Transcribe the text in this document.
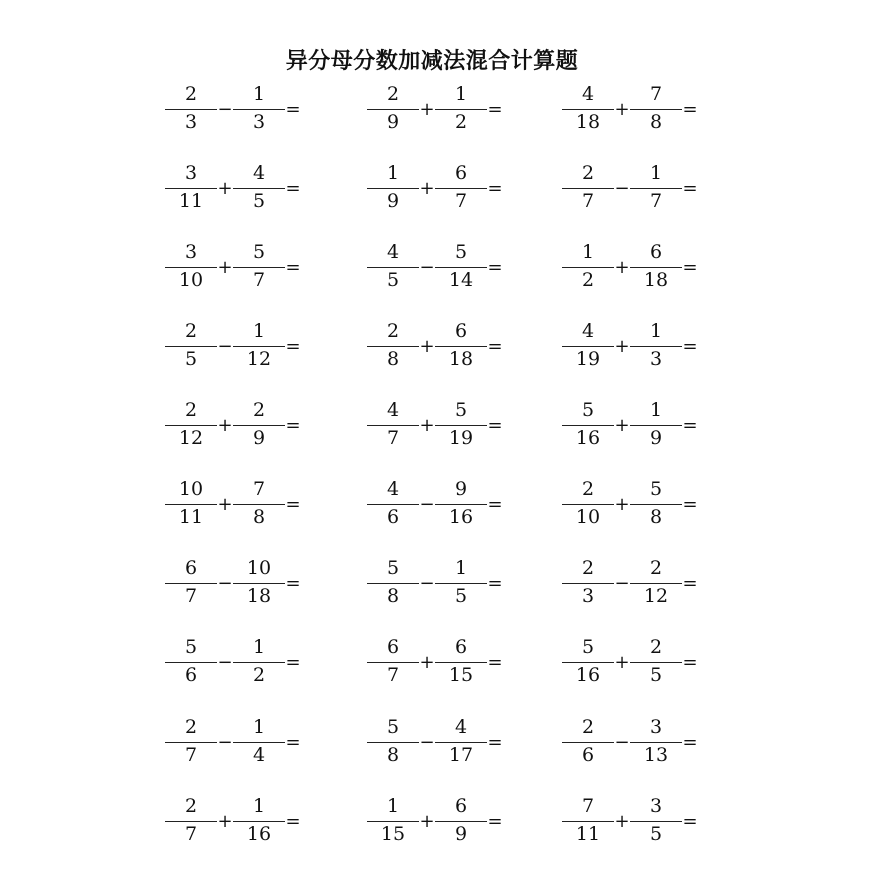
异分母分数加减法混合计算题
$\frac{2}{3} - \frac{1}{3}$ =	$\frac{2}{9} + \frac{1}{2}$ =	$\frac{4}{18} + \frac{7}{8}$ =
$\frac{3}{11} + \frac{4}{5}$ =	$\frac{1}{9} + \frac{6}{7}$ =	$\frac{2}{7} - \frac{1}{7}$ =
$\frac{3}{10} + \frac{5}{7}$ =	$\frac{4}{5} - \frac{5}{14}$ =	$\frac{1}{2} + \frac{6}{18}$ =
$\frac{2}{5} - \frac{1}{12}$ =	$\frac{2}{8} + \frac{6}{18}$ =	$\frac{4}{19} + \frac{1}{3}$ =
$\frac{2}{12} + \frac{2}{9}$ =	$\frac{4}{7} + \frac{5}{19}$ =	$\frac{5}{16} + \frac{1}{9}$ =
$\frac{10}{11} + \frac{7}{8}$ =	$\frac{4}{6} - \frac{9}{16}$ =	$\frac{2}{10} + \frac{5}{8}$ =
$\frac{6}{7} - \frac{10}{18}$ =	$\frac{5}{8} - \frac{1}{5}$ =	$\frac{2}{3} - \frac{2}{12}$ =
$\frac{5}{6} - \frac{1}{2}$ =	$\frac{6}{7} + \frac{6}{15}$ =	$\frac{5}{16} + \frac{2}{5}$ =
$\frac{2}{7} - \frac{1}{4}$ =	$\frac{5}{8} - \frac{4}{17}$ =	$\frac{2}{6} - \frac{3}{13}$ =
$\frac{2}{7} + \frac{1}{16}$ =	$\frac{1}{15} + \frac{6}{9}$ =	$\frac{7}{11} + \frac{3}{5}$ =
